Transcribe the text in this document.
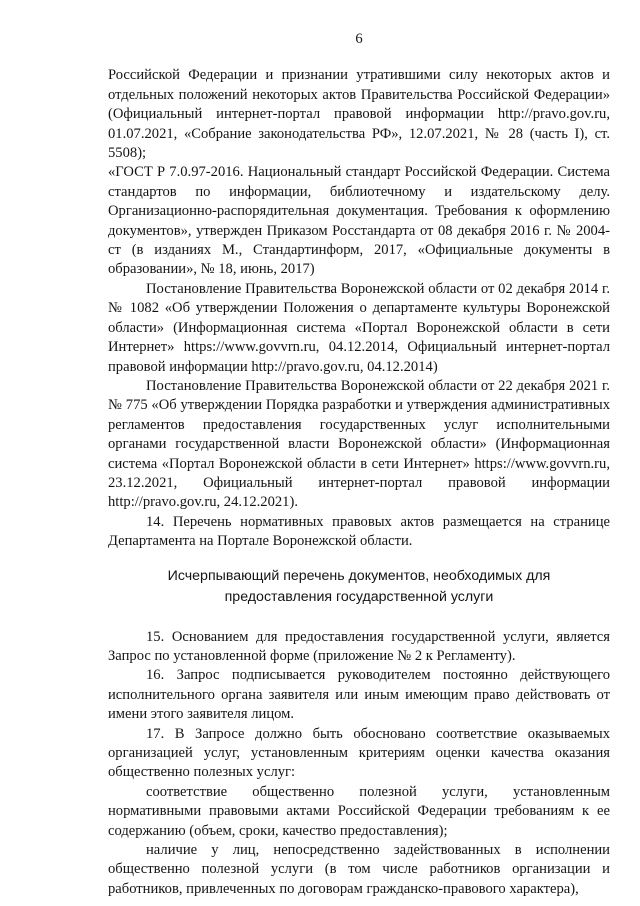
6

Российской Федерации и признании утратившими силу некоторых актов и отдельных положений некоторых актов Правительства Российской Федерации» (Официальный интернет-портал правовой информации http://pravo.gov.ru, 01.07.2021, «Собрание законодательства РФ», 12.07.2021, № 28 (часть I), ст. 5508);

«ГОСТ Р 7.0.97-2016. Национальный стандарт Российской Федерации. Система стандартов по информации, библиотечному и издательскому делу. Организационно-распорядительная документация. Требования к оформлению документов», утвержден Приказом Росстандарта от 08 декабря 2016 г. № 2004-ст (в изданиях М., Стандартинформ, 2017, «Официальные документы в образовании», № 18, июнь, 2017)

Постановление Правительства Воронежской области от 02 декабря 2014 г. № 1082 «Об утверждении Положения о департаменте культуры Воронежской области» (Информационная система «Портал Воронежской области в сети Интернет» https://www.govvrn.ru, 04.12.2014, Официальный интернет-портал правовой информации http://pravo.gov.ru, 04.12.2014)

Постановление Правительства Воронежской области от 22 декабря 2021 г. № 775 «Об утверждении Порядка разработки и утверждения административных регламентов предоставления государственных услуг исполнительными органами государственной власти Воронежской области» (Информационная система «Портал Воронежской области в сети Интернет» https://www.govvrn.ru, 23.12.2021, Официальный интернет-портал правовой информации http://pravo.gov.ru, 24.12.2021).

14. Перечень нормативных правовых актов размещается на странице Департамента на Портале Воронежской области.

Исчерпывающий перечень документов, необходимых для предоставления государственной услуги

15. Основанием для предоставления государственной услуги, является Запрос по установленной форме (приложение № 2 к Регламенту).

16. Запрос подписывается руководителем постоянно действующего исполнительного органа заявителя или иным имеющим право действовать от имени этого заявителя лицом.

17. В Запросе должно быть обосновано соответствие оказываемых организацией услуг, установленным критериям оценки качества оказания общественно полезных услуг:

соответствие общественно полезной услуги, установленным нормативными правовыми актами Российской Федерации требованиям к ее содержанию (объем, сроки, качество предоставления);

наличие у лиц, непосредственно задействованных в исполнении общественно полезной услуги (в том числе работников организации и работников, привлеченных по договорам гражданско-правового характера),
